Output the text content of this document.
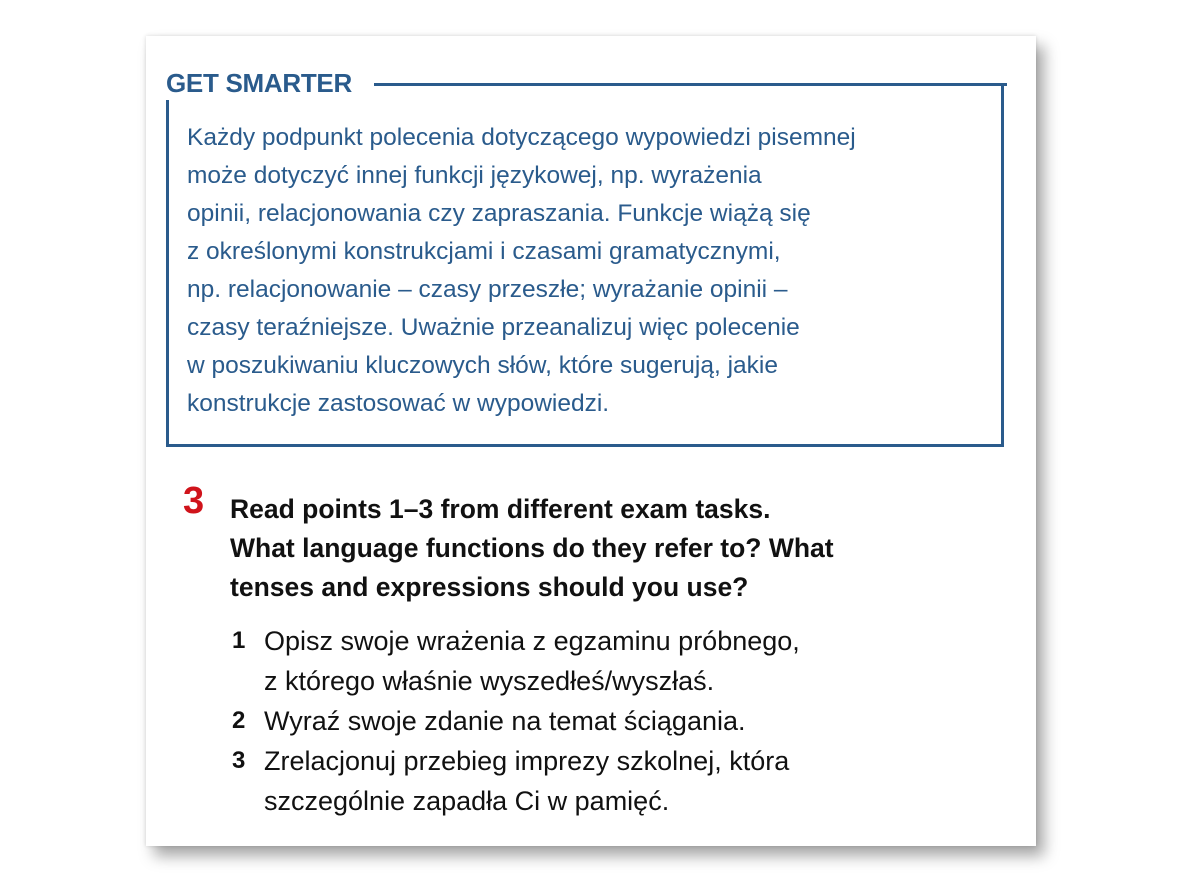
GET SMARTER

Każdy podpunkt polecenia dotyczącego wypowiedzi pisemnej
może dotyczyć innej funkcji językowej, np. wyrażenia
opinii, relacjonowania czy zapraszania. Funkcje wiążą się
z określonymi konstrukcjami i czasami gramatycznymi,
np. relacjonowanie – czasy przeszłe; wyrażanie opinii –
czasy teraźniejsze. Uważnie przeanalizuj więc polecenie
w poszukiwaniu kluczowych słów, które sugerują, jakie
konstrukcje zastosować w wypowiedzi.

3 Read points 1–3 from different exam tasks.
What language functions do they refer to? What
tenses and expressions should you use?

1 Opisz swoje wrażenia z egzaminu próbnego,
z którego właśnie wyszedłeś/wyszłaś.
2 Wyraź swoje zdanie na temat ściągania.
3 Zrelacjonuj przebieg imprezy szkolnej, która
szczególnie zapadła Ci w pamięć.
